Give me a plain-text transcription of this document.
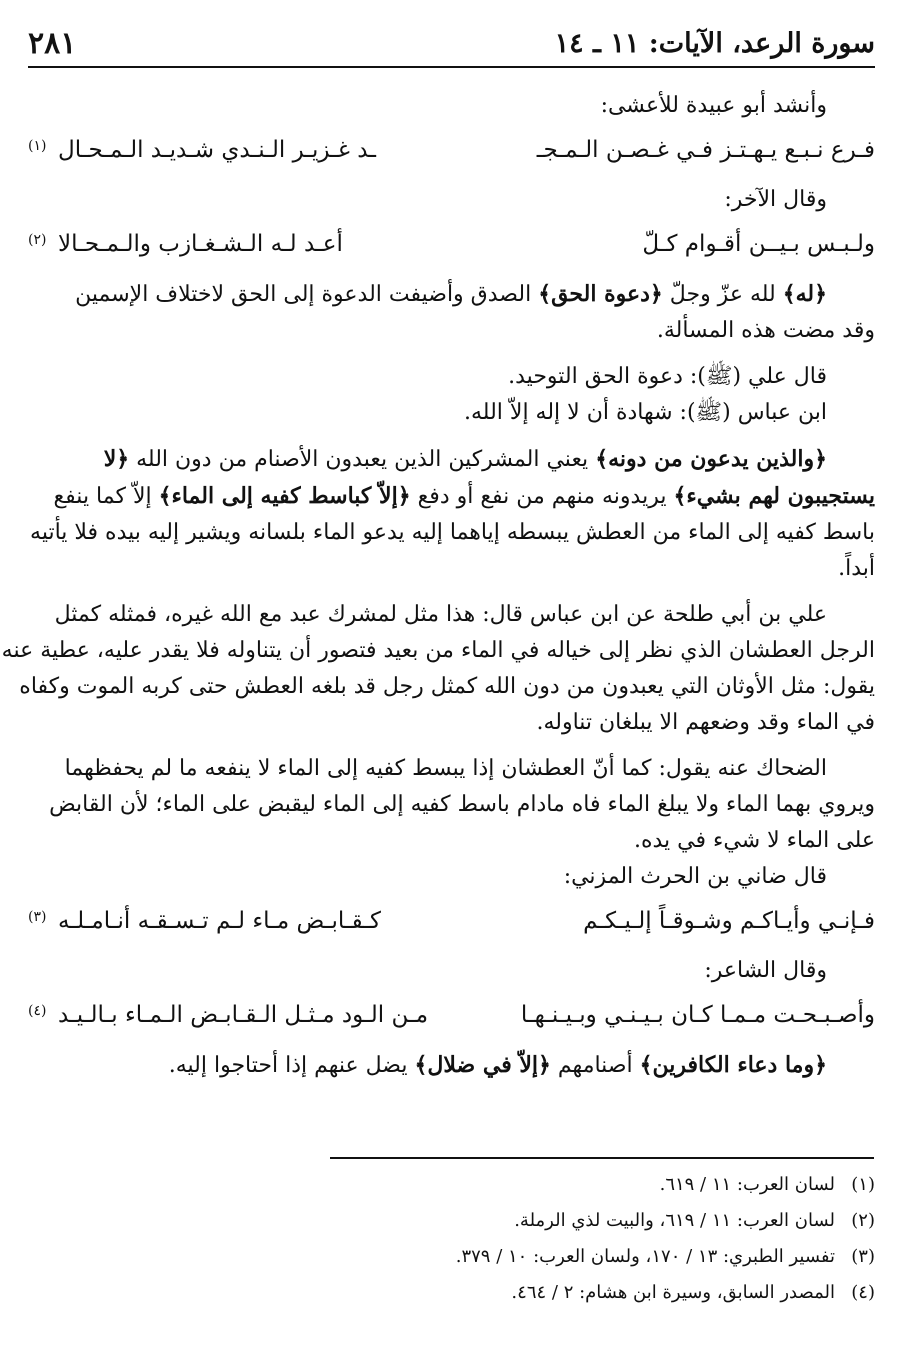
سورة الرعد، الآيات: ١١ ـ ١٤
٢٨١

وأنشد أبو عبيدة للأعشى:

فـرع نـبـع يـهـتـز فـي غـصـن الـمـجـ
ـد غـزيـر الـنـدي شـديـد الـمـحـال
(١)

وقال الآخر:

ولـبـس بـيــن أقـوام كـلّ
أعـد لـه الـشـغـازب والـمـحـالا
(٢)

﴿له﴾ لله عزّ وجلّ ﴿دعوة الحق﴾ الصدق وأضيفت الدعوة إلى الحق لاختلاف الإسمين

وقد مضت هذه المسألة.

قال علي (ﷺ): دعوة الحق التوحيد.

ابن عباس (ﷺ): شهادة أن لا إله إلاّ الله.

﴿والذين يدعون من دونه﴾ يعني المشركين الذين يعبدون الأصنام من دون الله ﴿لا

يستجيبون لهم بشيء﴾ يريدونه منهم من نفع أو دفع ﴿إلاّ كباسط كفيه إلى الماء﴾ إلاّ كما ينفع

باسط كفيه إلى الماء من العطش يبسطه إياهما إليه يدعو الماء بلسانه ويشير إليه بيده فلا يأتيه

أبداً.

علي بن أبي طلحة عن ابن عباس قال: هذا مثل لمشرك عبد مع الله غيره، فمثله كمثل

الرجل العطشان الذي نظر إلى خياله في الماء من بعيد فتصور أن يتناوله فلا يقدر عليه، عطية عنه

يقول: مثل الأوثان التي يعبدون من دون الله كمثل رجل قد بلغه العطش حتى كربه الموت وكفاه

في الماء وقد وضعهم الا يبلغان تناوله.

الضحاك عنه يقول: كما أنّ العطشان إذا يبسط كفيه إلى الماء لا ينفعه ما لم يحفظهما

ويروي بهما الماء ولا يبلغ الماء فاه مادام باسط كفيه إلى الماء ليقبض على الماء؛ لأن القابض

على الماء لا شيء في يده.

قال ضاني بن الحرث المزني:

فـإنـي وأيـاكـم وشـوقـاً إلـيـكـم
كـقـابـض مـاء لـم تـسـقـه أنـامـلـه
(٣)

وقال الشاعر:

وأصـبـحـت مـمـا كـان بـيـنـي وبـيـنـهـا
مـن الـود مـثـل الـقـابـض الـمـاء بـالـيـد
(٤)

﴿وما دعاء الكافرين﴾ أصنامهم ﴿إلاّ في ضلال﴾ يضل عنهم إذا أحتاجوا إليه.

(١)لسان العرب: ١١ / ٦١٩.
(٢)لسان العرب: ١١ / ٦١٩، والبيت لذي الرملة.
(٣)تفسير الطبري: ١٣ / ١٧٠، ولسان العرب: ١٠ / ٣٧٩.
(٤)المصدر السابق، وسيرة ابن هشام: ٢ / ٤٦٤.
